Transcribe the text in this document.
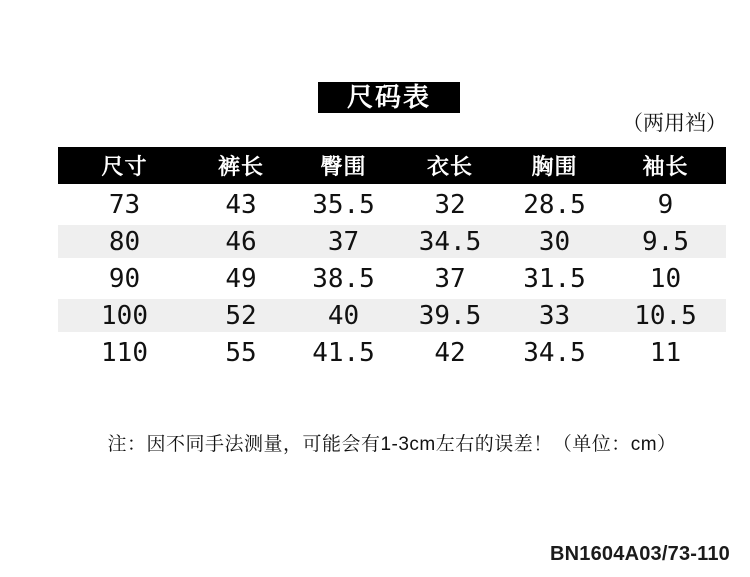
尺码表
（两用裆）
尺寸	裤长	臀围	衣长	胸围	袖长
73	43	35.5	32	28.5	9
80	46	37	34.5	30	9.5
90	49	38.5	37	31.5	10
100	52	40	39.5	33	10.5
110	55	41.5	42	34.5	11
注：因不同手法测量，可能会有1-3cm左右的误差！（单位：cm）
BN1604A03/73-110
